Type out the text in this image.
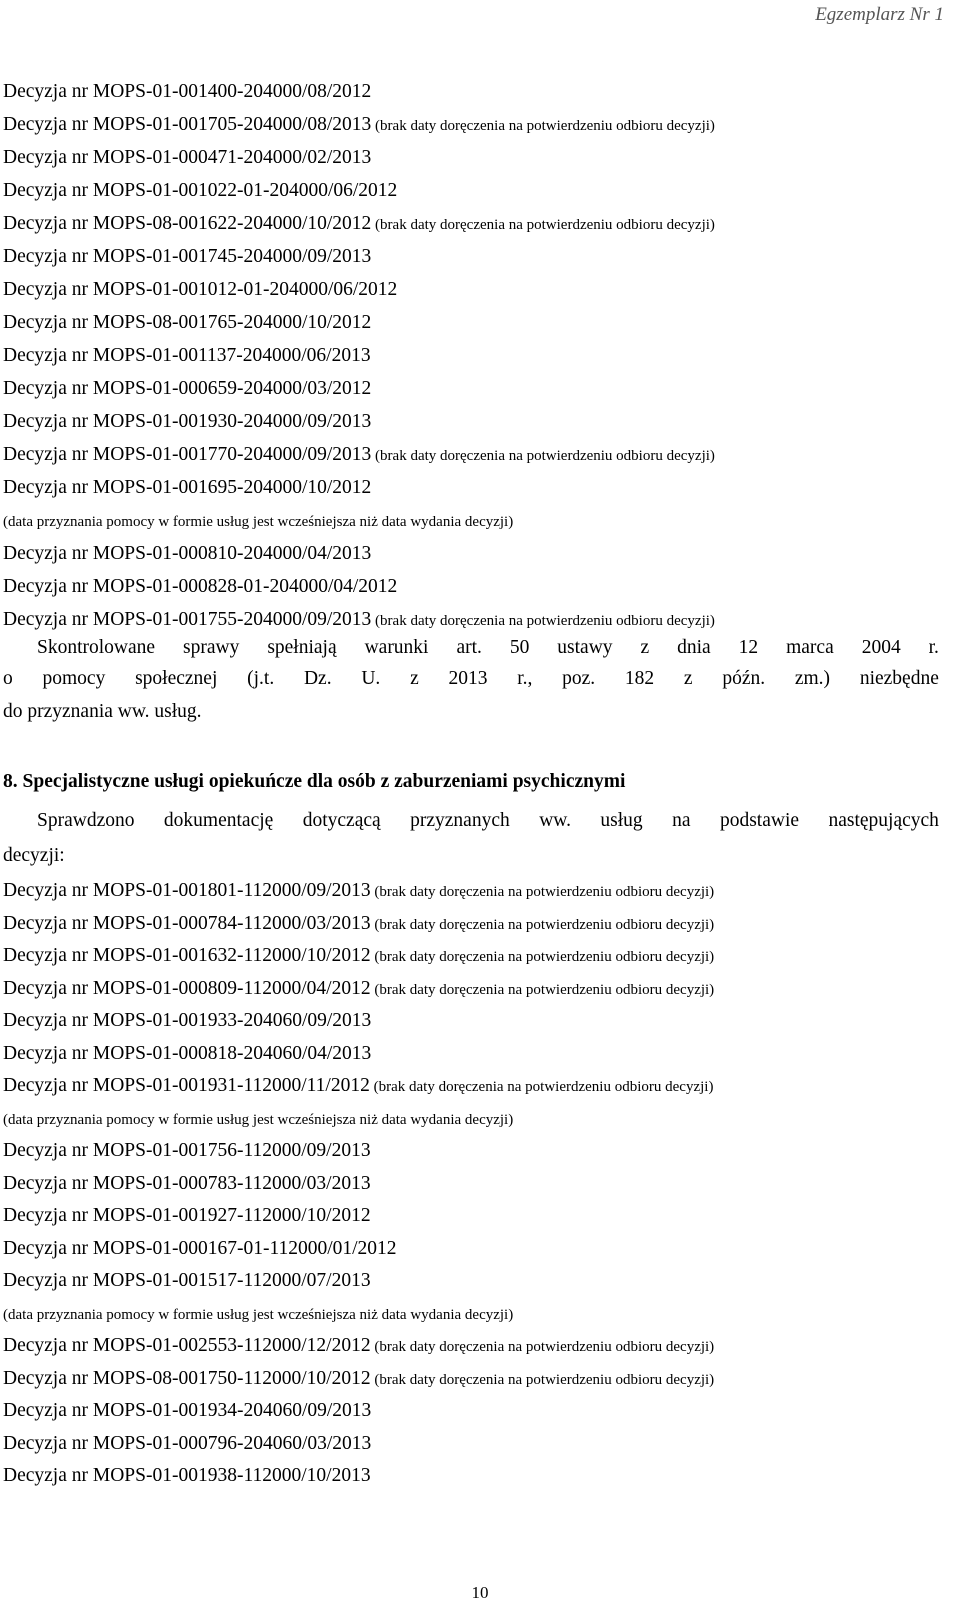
Egzemplarz Nr 1
Decyzja nr MOPS-01-001400-204000/08/2012
Decyzja nr MOPS-01-001705-204000/08/2013 (brak daty doręczenia na potwierdzeniu odbioru decyzji)
Decyzja nr MOPS-01-000471-204000/02/2013
Decyzja nr MOPS-01-001022-01-204000/06/2012
Decyzja nr MOPS-08-001622-204000/10/2012 (brak daty doręczenia na potwierdzeniu odbioru decyzji)
Decyzja nr MOPS-01-001745-204000/09/2013
Decyzja nr MOPS-01-001012-01-204000/06/2012
Decyzja nr MOPS-08-001765-204000/10/2012
Decyzja nr MOPS-01-001137-204000/06/2013
Decyzja nr MOPS-01-000659-204000/03/2012
Decyzja nr MOPS-01-001930-204000/09/2013
Decyzja nr MOPS-01-001770-204000/09/2013 (brak daty doręczenia na potwierdzeniu odbioru decyzji)
Decyzja nr MOPS-01-001695-204000/10/2012
(data przyznania pomocy w formie usług jest wcześniejsza niż data wydania decyzji)
Decyzja nr MOPS-01-000810-204000/04/2013
Decyzja nr MOPS-01-000828-01-204000/04/2012
Decyzja nr MOPS-01-001755-204000/09/2013 (brak daty doręczenia na potwierdzeniu odbioru decyzji)
Skontrolowane sprawy spełniają warunki art. 50 ustawy z dnia 12 marca 2004 r.
o pomocy społecznej (j.t. Dz. U. z 2013 r., poz. 182 z późn. zm.) niezbędne
do przyznania ww. usług.
8. Specjalistyczne usługi opiekuńcze dla osób z zaburzeniami psychicznymi
Sprawdzono dokumentację dotyczącą przyznanych ww. usług na podstawie następujących
decyzji:
Decyzja nr MOPS-01-001801-112000/09/2013 (brak daty doręczenia na potwierdzeniu odbioru decyzji)
Decyzja nr MOPS-01-000784-112000/03/2013 (brak daty doręczenia na potwierdzeniu odbioru decyzji)
Decyzja nr MOPS-01-001632-112000/10/2012 (brak daty doręczenia na potwierdzeniu odbioru decyzji)
Decyzja nr MOPS-01-000809-112000/04/2012 (brak daty doręczenia na potwierdzeniu odbioru decyzji)
Decyzja nr MOPS-01-001933-204060/09/2013
Decyzja nr MOPS-01-000818-204060/04/2013
Decyzja nr MOPS-01-001931-112000/11/2012 (brak daty doręczenia na potwierdzeniu odbioru decyzji)
(data przyznania pomocy w formie usług jest wcześniejsza niż data wydania decyzji)
Decyzja nr MOPS-01-001756-112000/09/2013
Decyzja nr MOPS-01-000783-112000/03/2013
Decyzja nr MOPS-01-001927-112000/10/2012
Decyzja nr MOPS-01-000167-01-112000/01/2012
Decyzja nr MOPS-01-001517-112000/07/2013
(data przyznania pomocy w formie usług jest wcześniejsza niż data wydania decyzji)
Decyzja nr MOPS-01-002553-112000/12/2012 (brak daty doręczenia na potwierdzeniu odbioru decyzji)
Decyzja nr MOPS-08-001750-112000/10/2012 (brak daty doręczenia na potwierdzeniu odbioru decyzji)
Decyzja nr MOPS-01-001934-204060/09/2013
Decyzja nr MOPS-01-000796-204060/03/2013
Decyzja nr MOPS-01-001938-112000/10/2013
10
